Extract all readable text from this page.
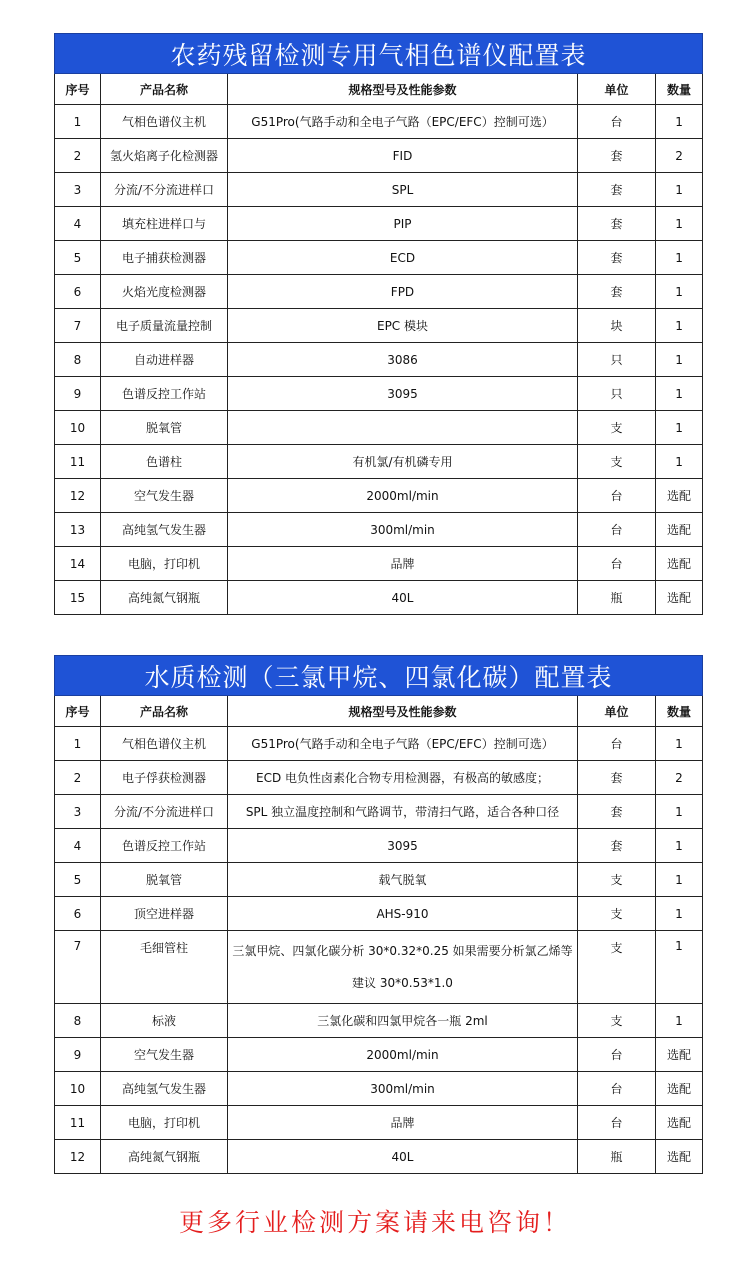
农药残留检测专用气相色谱仪配置表				
序号	产品名称	规格型号及性能参数	单位	数量
1	气相色谱仪主机	G51Pro(气路手动和全电子气路（EPC/EFC）控制可选）	台	1
2	氢火焰离子化检测器	FID	套	2
3	分流/不分流进样口	SPL	套	1
4	填充柱进样口与	PIP	套	1
5	电子捕获检测器	ECD	套	1
6	火焰光度检测器	FPD	套	1
7	电子质量流量控制	EPC 模块	块	1
8	自动进样器	3086	只	1
9	色谱反控工作站	3095	只	1
10	脱氧管		支	1
11	色谱柱	有机氯/有机磷专用	支	1
12	空气发生器	2000ml/min	台	选配
13	高纯氢气发生器	300ml/min	台	选配
14	电脑，打印机	品牌	台	选配
15	高纯氮气钢瓶	40L	瓶	选配
水质检测（三氯甲烷、四氯化碳）配置表				
序号	产品名称	规格型号及性能参数	单位	数量
1	气相色谱仪主机	G51Pro(气路手动和全电子气路（EPC/EFC）控制可选）	台	1
2	电子俘获检测器	ECD 电负性卤素化合物专用检测器，有极高的敏感度；	套	2
3	分流/不分流进样口	SPL 独立温度控制和气路调节，带清扫气路，适合各种口径	套	1
4	色谱反控工作站	3095	套	1
5	脱氧管	载气脱氧	支	1
6	顶空进样器	AHS-910	支	1
7	毛细管柱	三氯甲烷、四氯化碳分析 30*0.32*0.25 如果需要分析氯乙烯等建议 30*0.53*1.0	支	1
8	标液	三氯化碳和四氯甲烷各一瓶 2ml	支	1
9	空气发生器	2000ml/min	台	选配
10	高纯氢气发生器	300ml/min	台	选配
11	电脑，打印机	品牌	台	选配
12	高纯氮气钢瓶	40L	瓶	选配
更多行业检测方案请来电咨询！
